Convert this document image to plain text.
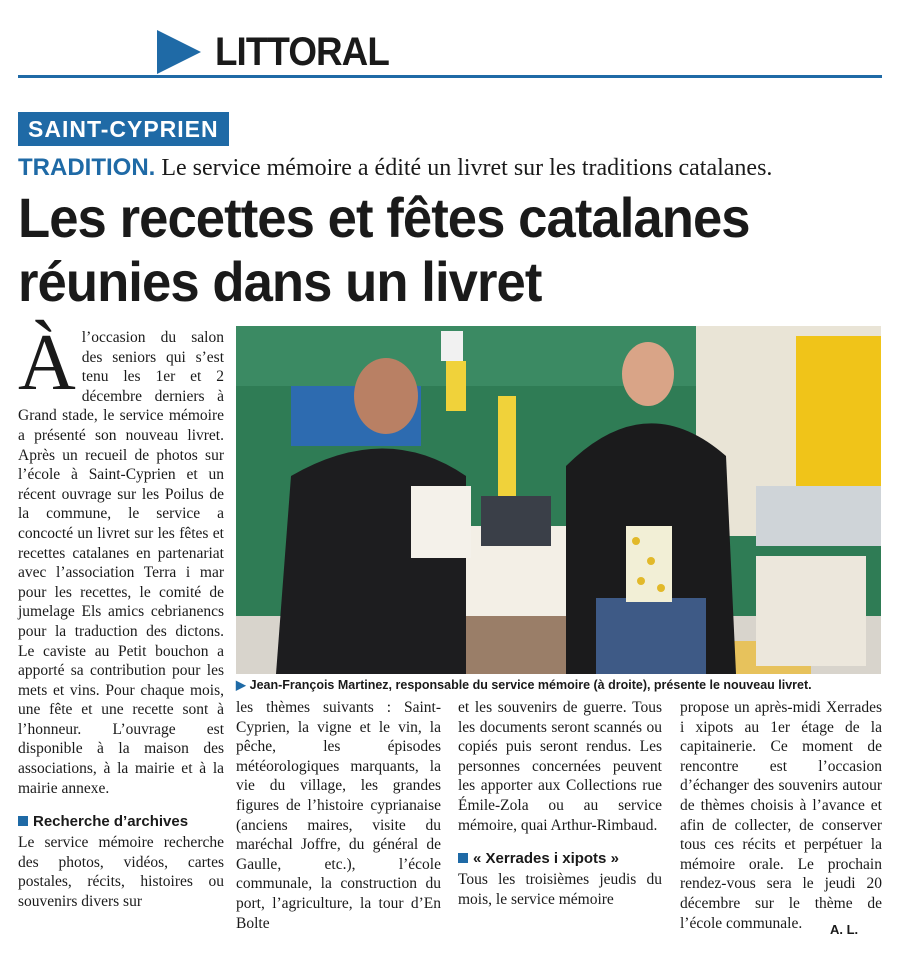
LITTORAL
SAINT-CYPRIEN
TRADITION. Le service mémoire a édité un livret sur les traditions catalanes.
Les recettes et fêtes catalanes réunies dans un livret
▶ Jean-François Martinez, responsable du service mémoire (à droite), présente le nouveau livret.
À l’occasion du salon des seniors qui s’est tenu les 1er et 2 décembre derniers à Grand stade, le service mémoire a présenté son nouveau livret. Après un recueil de photos sur l’école à Saint-Cyprien et un récent ouvrage sur les Poilus de la commune, le service a concocté un livret sur les fêtes et recettes catalanes en partenariat avec l’association Terra i mar pour les recettes, le comité de jumelage Els amics cebrianencs pour la traduction des dictons. Le caviste au Petit bouchon a apporté sa contribution pour les mets et vins. Pour chaque mois, une fête et une recette sont à l’honneur. L’ouvrage est disponible à la maison des associations, à la mairie et à la mairie annexe.

Recherche d’archives

Le service mémoire recherche des photos, vidéos, cartes postales, récits, histoires ou souvenirs divers sur

les thèmes suivants : Saint-Cyprien, la vigne et le vin, la pêche, les épisodes météorologiques marquants, la vie du village, les grandes figures de l’histoire cyprianaise (anciens maires, visite du maréchal Joffre, du général de Gaulle, etc.), l’école communale, la construction du port, l’agriculture, la tour d’En Bolte

et les souvenirs de guerre. Tous les documents seront scannés ou copiés puis seront rendus. Les personnes concernées peuvent les apporter aux Collections rue Émile-Zola ou au service mémoire, quai Arthur-Rimbaud.

« Xerrades i xipots »

Tous les troisièmes jeudis du mois, le service mémoire

propose un après-midi Xerrades i xipots au 1er étage de la capitainerie. Ce moment de rencontre est l’occasion d’échanger des souvenirs autour de thèmes choisis à l’avance et afin de collecter, de conserver tous ces récits et perpétuer la mémoire orale. Le prochain rendez-vous sera le jeudi 20 décembre sur le thème de l’école communale.	A. L.
